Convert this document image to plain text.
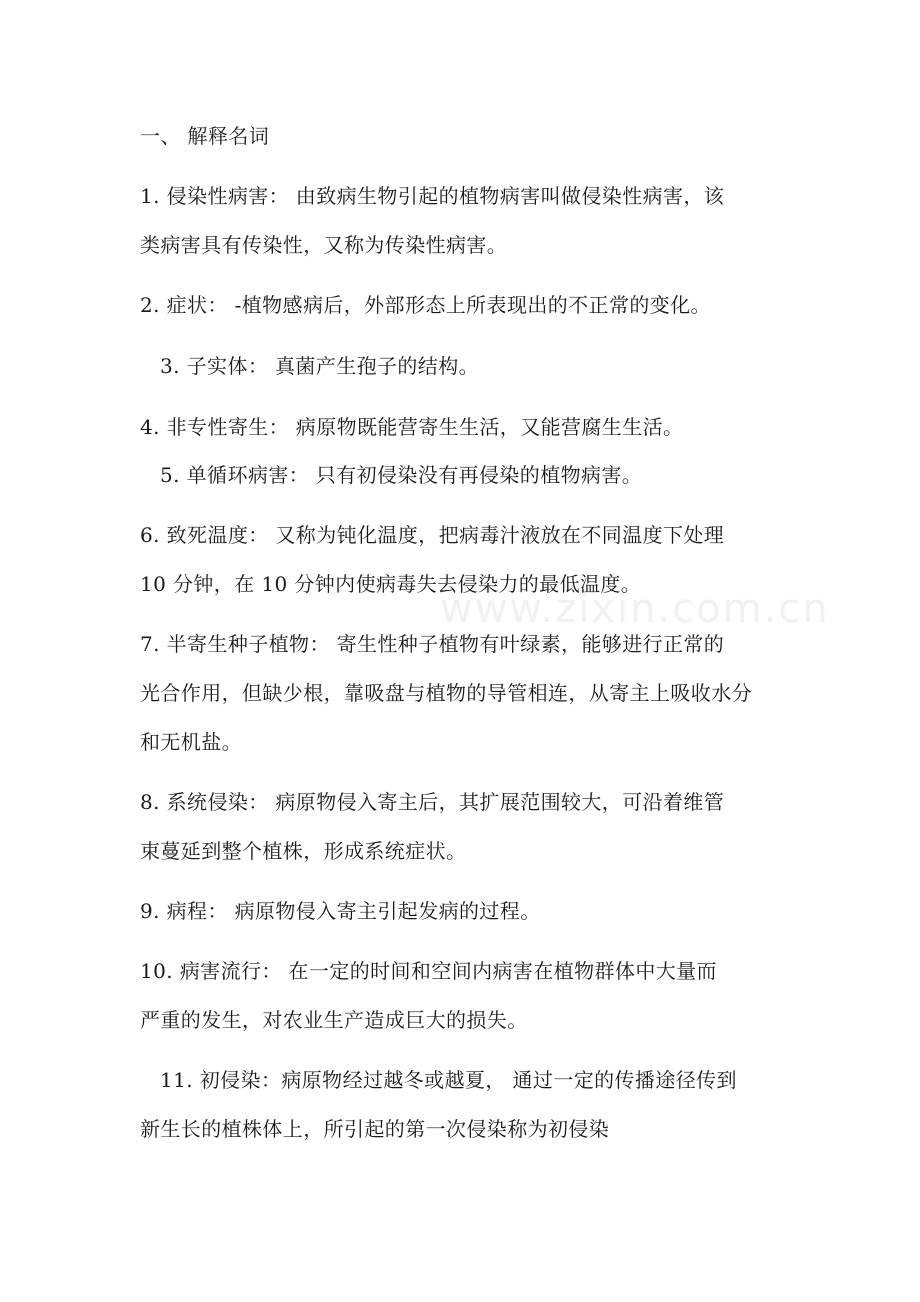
www.zixin.com.cn
一、 解释名词
1. 侵染性病害： 由致病生物引起的植物病害叫做侵染性病害，该
类病害具有传染性，又称为传染性病害。
2. 症状： -植物感病后，外部形态上所表现出的不正常的变化。
3. 子实体： 真菌产生孢子的结构。
4. 非专性寄生： 病原物既能营寄生生活，又能营腐生生活。
5. 单循环病害： 只有初侵染没有再侵染的植物病害。
6. 致死温度： 又称为钝化温度，把病毒汁液放在不同温度下处理
10 分钟，在 10 分钟内使病毒失去侵染力的最低温度。
7. 半寄生种子植物： 寄生性种子植物有叶绿素，能够进行正常的
光合作用，但缺少根，靠吸盘与植物的导管相连，从寄主上吸收水分
和无机盐。
8. 系统侵染： 病原物侵入寄主后，其扩展范围较大，可沿着维管
束蔓延到整个植株，形成系统症状。
9. 病程： 病原物侵入寄主引起发病的过程。
10. 病害流行： 在一定的时间和空间内病害在植物群体中大量而
严重的发生，对农业生产造成巨大的损失。
11. 初侵染：病原物经过越冬或越夏， 通过一定的传播途径传到
新生长的植株体上，所引起的第一次侵染称为初侵染
